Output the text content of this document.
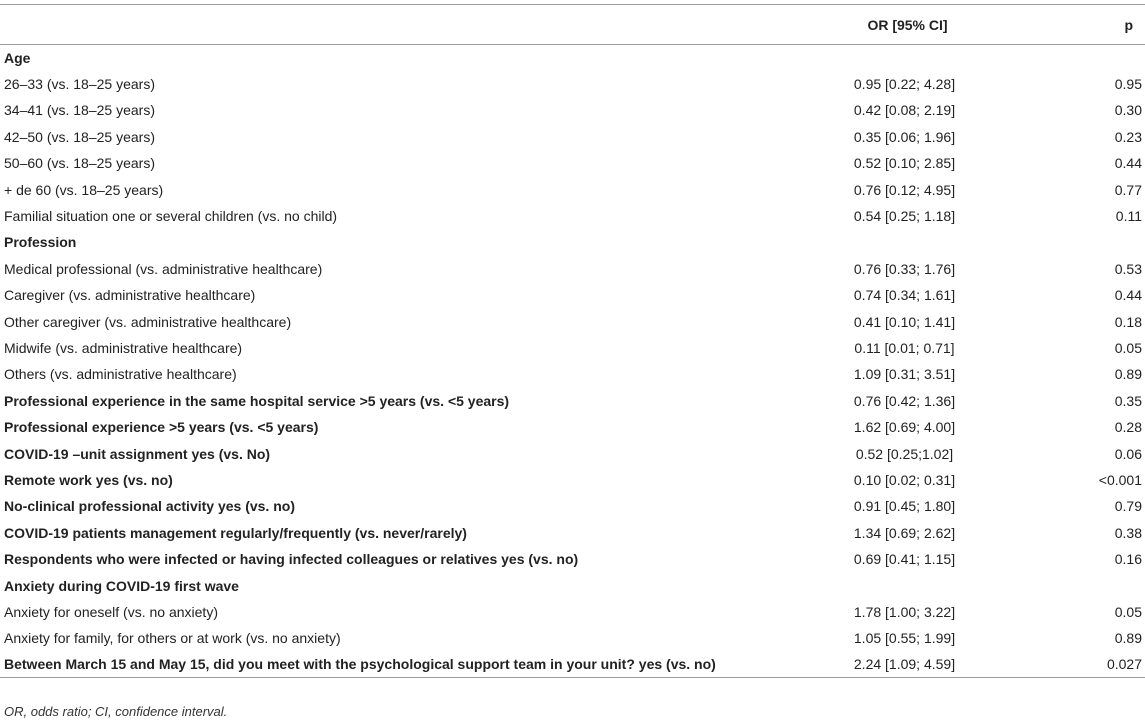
	OR [95% CI]	p
Age		
26–33 (vs. 18–25 years)	0.95 [0.22; 4.28]	0.95
34–41 (vs. 18–25 years)	0.42 [0.08; 2.19]	0.30
42–50 (vs. 18–25 years)	0.35 [0.06; 1.96]	0.23
50–60 (vs. 18–25 years)	0.52 [0.10; 2.85]	0.44
+ de 60 (vs. 18–25 years)	0.76 [0.12; 4.95]	0.77
Familial situation one or several children (vs. no child)	0.54 [0.25; 1.18]	0.11
Profession		
Medical professional (vs. administrative healthcare)	0.76 [0.33; 1.76]	0.53
Caregiver (vs. administrative healthcare)	0.74 [0.34; 1.61]	0.44
Other caregiver (vs. administrative healthcare)	0.41 [0.10; 1.41]	0.18
Midwife (vs. administrative healthcare)	0.11 [0.01; 0.71]	0.05
Others (vs. administrative healthcare)	1.09 [0.31; 3.51]	0.89
Professional experience in the same hospital service >5 years (vs. <5 years)	0.76 [0.42; 1.36]	0.35
Professional experience >5 years (vs. <5 years)	1.62 [0.69; 4.00]	0.28
COVID-19 –unit assignment yes (vs. No)	0.52 [0.25;1.02]	0.06
Remote work yes (vs. no)	0.10 [0.02; 0.31]	<0.001
No-clinical professional activity yes (vs. no)	0.91 [0.45; 1.80]	0.79
COVID-19 patients management regularly/frequently (vs. never/rarely)	1.34 [0.69; 2.62]	0.38
Respondents who were infected or having infected colleagues or relatives yes (vs. no)	0.69 [0.41; 1.15]	0.16
Anxiety during COVID-19 first wave		
Anxiety for oneself (vs. no anxiety)	1.78 [1.00; 3.22]	0.05
Anxiety for family, for others or at work (vs. no anxiety)	1.05 [0.55; 1.99]	0.89
Between March 15 and May 15, did you meet with the psychological support team in your unit? yes (vs. no)	2.24 [1.09; 4.59]	0.027
OR, odds ratio; CI, confidence interval.
